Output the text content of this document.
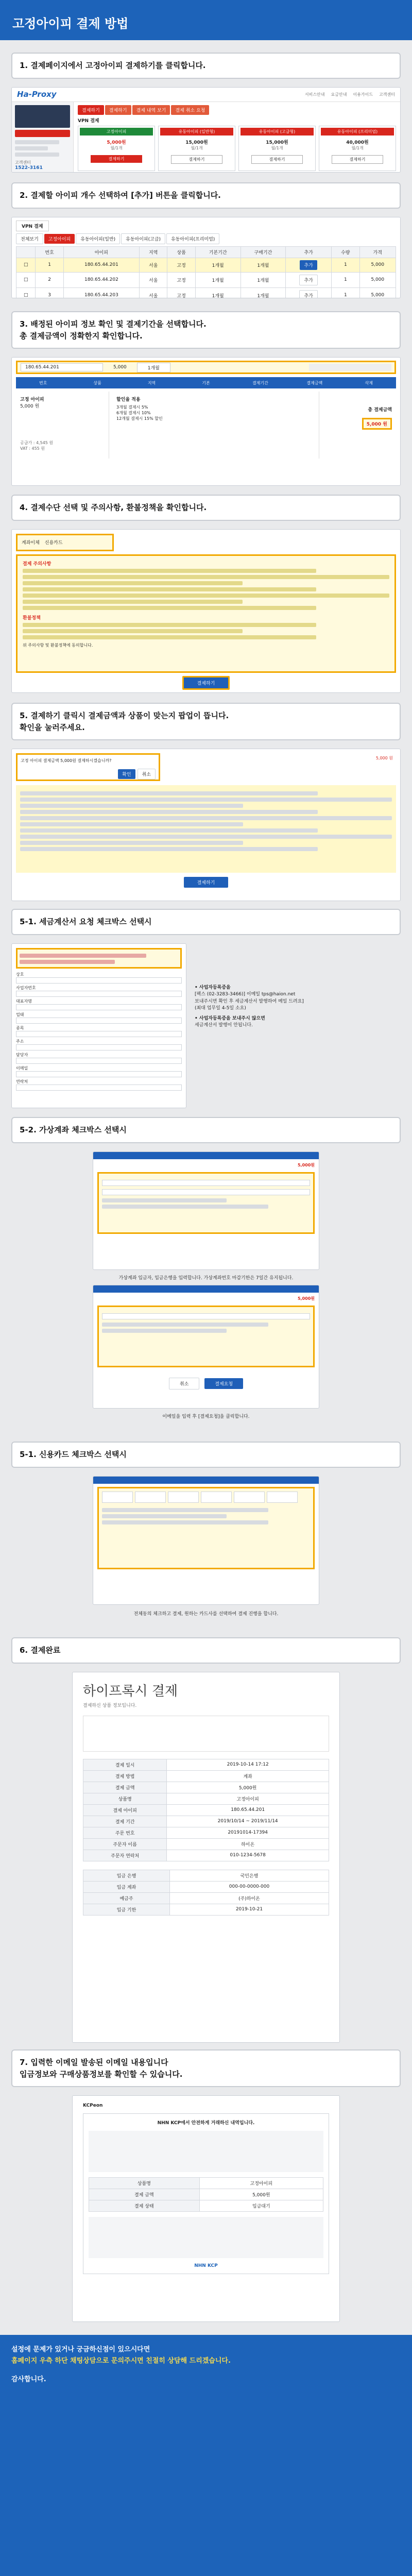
고정아이피 결제 방법
1. 결제페이지에서 고정아이피 결제하기를 클릭합니다.
Ha-Proxy	서비스안내 요금안내 이용가이드 고객센터
고객센터
1522-3161
결제하기	결제하기	결제 내역 보기	결제 취소 요청
VPN 결제
고정아이피
5,000원
월/1개
결제하기
유동아이피 (일반형)
15,000원
월/1개
결제하기
유동아이피 (고급형)
15,000원
월/1개
결제하기
유동아이피 (프리미엄)
40,000원
월/1개
결제하기
2. 결제할 아이피 개수 선택하여 [추가] 버튼을 클릭합니다.
VPN 결제
전체보기	고정아이피	유동아이피(일반)	유동아이피(고급)	유동아이피(프리미엄)
	번호	아이피	지역	상품	기본기간	구매기간	추가	수량	가격
□	1	180.65.44.201	서울	고정	1개월	1개월	추가	1	5,000
□	2	180.65.44.202	서울	고정	1개월	1개월	추가	1	5,000
□	3	180.65.44.203	서울	고정	1개월	1개월	추가	1	5,000
3. 배정된 아이피 정보 확인 및 결제기간을 선택합니다.
총 결제금액이 정확한지 확인합니다.
180.65.44.201	5,000	1개월
번호	상품	지역	기본	결제기간	결제금액	삭제
고정 아이피
5,000 원
공급가 : 4,545 원
VAT : 455 원
할인율 적용
3개월 결제시 5%
6개월 결제시 10%
12개월 결제시 15% 할인
총 결제금액
5,000 원
4. 결제수단 선택 및 주의사항, 환불정책을 확인합니다.
계좌이체 신용카드
결제 주의사항
환불정책
위 주의사항 및 환불정책에 동의합니다.
결제하기
5. 결제하기 클릭시 결제금액과 상품이 맞는지 팝업이 뜹니다.
확인을 눌러주세요.
고정 아이피 결제금액 5,000원 결제하시겠습니까?
확인	취소
5,000 원
결제하기
5-1. 세금계산서 요청 체크박스 선택시
상호
사업자번호
대표자명
업태
종목
주소
담당자
이메일
연락처
• 사업자등록증을
[팩스 (02-3283-3466)] 이메일 tps@haion.net
보내주시면 확인 후 세금계산서 발행하여 메일 드려요]
(최대 업무일 4-5일 소요)
• 사업자등록증을 보내주시 않으면
세금계산서 발행이 안됩니다.
5-2. 가상계좌 체크박스 선택시
5,000원
가상계좌 입금자, 입금은행을 입력합니다. 가상계좌번호 마감기한은 7일간 유지됩니다.
5,000원
취소	결제요청
이메일을 입력 후 [결제요청]을 클릭합니다.
5-1. 신용카드 체크박스 선택시
전체동의 체크하고 결제, 원하는 카드사를 선택하여 결제 진행을 합니다.
6. 결제완료
하이프록시 결제
결제하신 상품 정보입니다.
결제 일시	2019-10-14 17:12
결제 방법	계좌
결제 금액	5,000원
상품명	고정아이피
결제 아이피	180.65.44.201
결제 기간	2019/10/14 ~ 2019/11/14
주문 번호	20191014-17394
주문자 이름	하이온
주문자 연락처	010-1234-5678
입금 은행	국민은행
입금 계좌	000-00-0000-000
예금주	(주)하이온
입금 기한	2019-10-21
7. 입력한 이메일 발송된 이메일 내용입니다
입금정보와 구매상품정보를 확인할 수 있습니다.
KCPeon
NHN KCP에서 안전하게 거래하신 내역입니다.
상품명	고정아이피
결제 금액	5,000원
결제 상태	입금대기
NHN KCP
설정에 문제가 있거나 궁금하신점이 있으시다면
홈페이지 우측 하단 채팅상담으로 문의주시면 친절히 상담해 드리겠습니다.
감사합니다.
